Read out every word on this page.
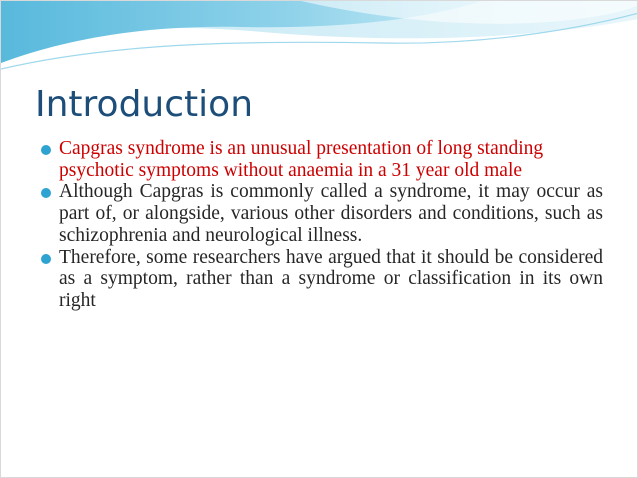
Introduction
Capgras syndrome is an unusual presentation of long standing psychotic symptoms without anaemia in a 31 year old male
Although Capgras is commonly called a syndrome, it may occur as part of, or alongside, various other disorders and conditions, such as schizophrenia and neurological illness.
Therefore, some researchers have argued that it should be considered as a symptom, rather than a syndrome or classification in its own right
